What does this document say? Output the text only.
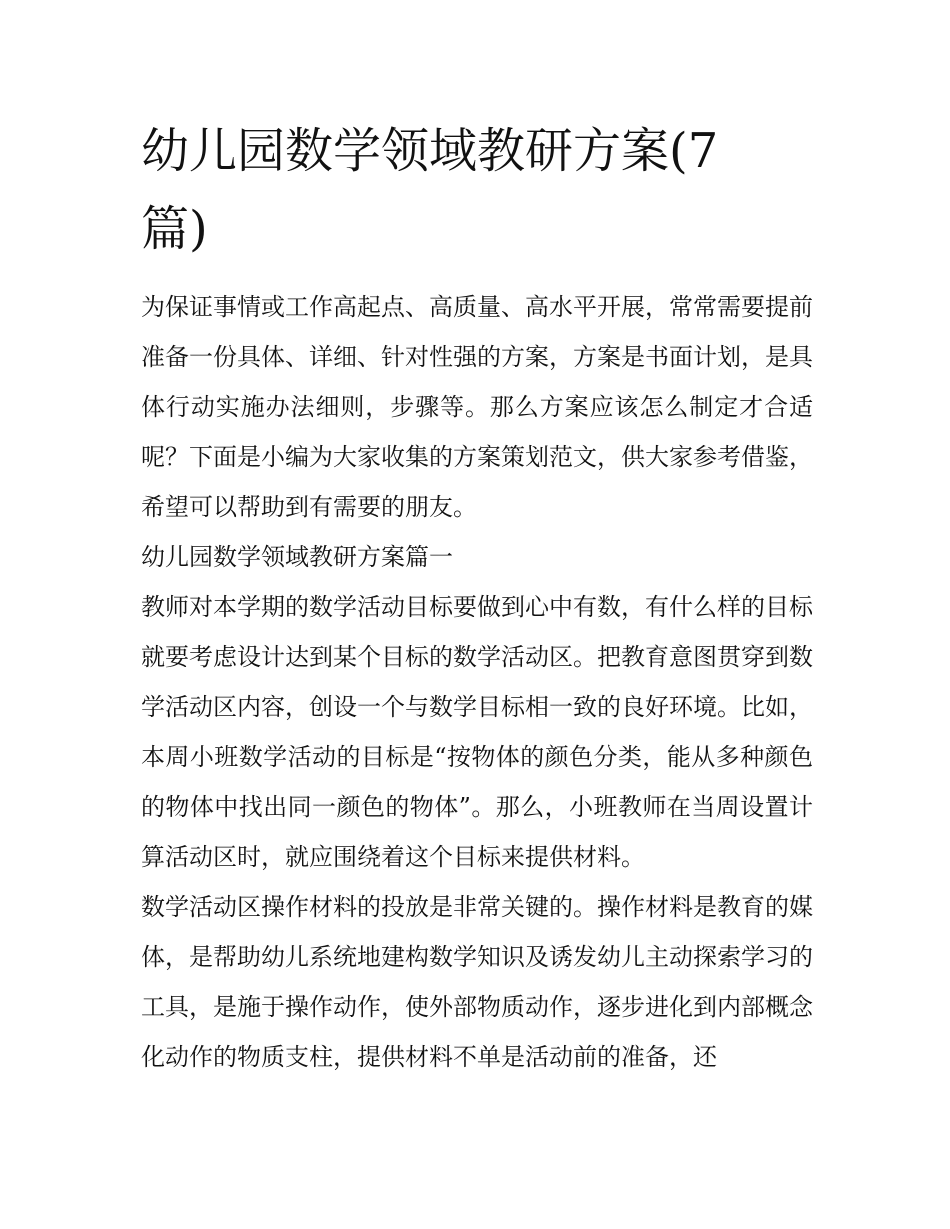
幼儿园数学领域教研方案(7篇)

为保证事情或工作高起点、高质量、高水平开展，常常需要提前准备一份具体、详细、针对性强的方案，方案是书面计划，是具体行动实施办法细则，步骤等。那么方案应该怎么制定才合适呢？下面是小编为大家收集的方案策划范文，供大家参考借鉴，希望可以帮助到有需要的朋友。

幼儿园数学领域教研方案篇一

教师对本学期的数学活动目标要做到心中有数，有什么样的目标就要考虑设计达到某个目标的数学活动区。把教育意图贯穿到数学活动区内容，创设一个与数学目标相一致的良好环境。比如，本周小班数学活动的目标是“按物体的颜色分类，能从多种颜色的物体中找出同一颜色的物体”。那么，小班教师在当周设置计算活动区时，就应围绕着这个目标来提供材料。

数学活动区操作材料的投放是非常关键的。操作材料是教育的媒体，是帮助幼儿系统地建构数学知识及诱发幼儿主动探索学习的工具，是施于操作动作，使外部物质动作，逐步进化到内部概念化动作的物质支柱，提供材料不单是活动前的准备，还
